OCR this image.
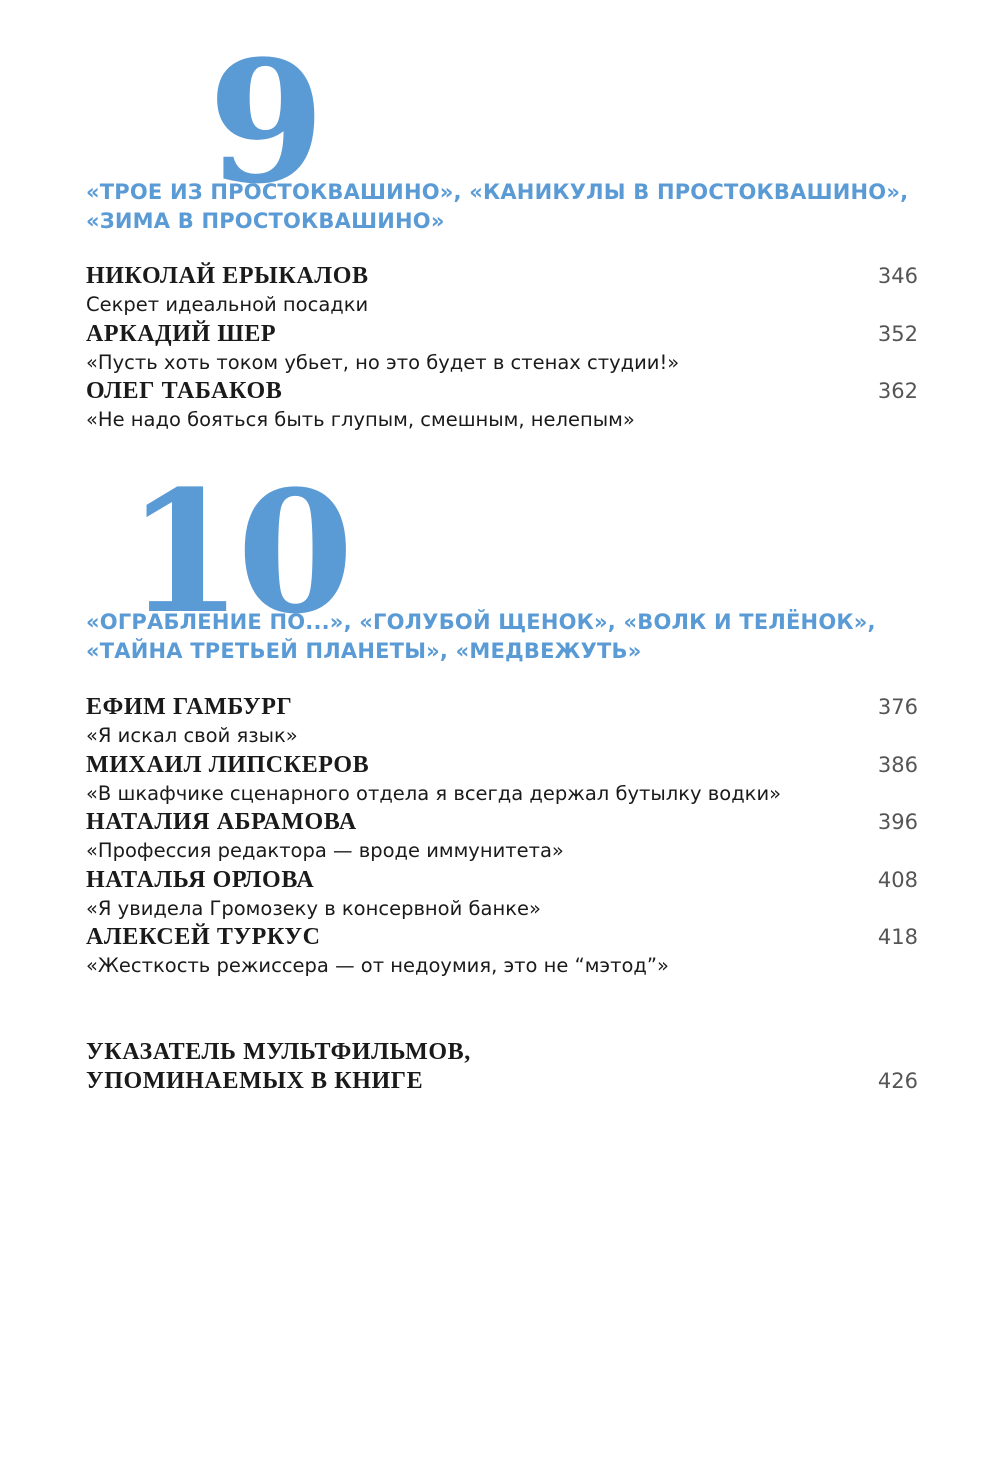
9
«ТРОЕ ИЗ ПРОСТОКВАШИНО», «КАНИКУЛЫ В ПРОСТОКВАШИНО»,
«ЗИМА В ПРОСТОКВАШИНО»
НИКОЛАЙ ЕРЫКАЛОВ
Секрет идеальной посадки
346
АРКАДИЙ ШЕР
«Пусть хоть током убьет, но это будет в стенах студии!»
352
ОЛЕГ ТАБАКОВ
«Не надо бояться быть глупым, смешным, нелепым»
362
10
«ОГРАБЛЕНИЕ ПО...», «ГОЛУБОЙ ЩЕНОК», «ВОЛК И ТЕЛЁНОК»,
«ТАЙНА ТРЕТЬЕЙ ПЛАНЕТЫ», «МЕДВЕЖУТЬ»
ЕФИМ ГАМБУРГ
«Я искал свой язык»
376
МИХАИЛ ЛИПСКЕРОВ
«В шкафчике сценарного отдела я всегда держал бутылку водки»
386
НАТАЛИЯ АБРАМОВА
«Профессия редактора — вроде иммунитета»
396
НАТАЛЬЯ ОРЛОВА
«Я увидела Громозеку в консервной банке»
408
АЛЕКСЕЙ ТУРКУС
«Жесткость режиссера — от недоумия, это не “мэтод”»
418
УКАЗАТЕЛЬ МУЛЬТФИЛЬМОВ,
УПОМИНАЕМЫХ В КНИГЕ	426
